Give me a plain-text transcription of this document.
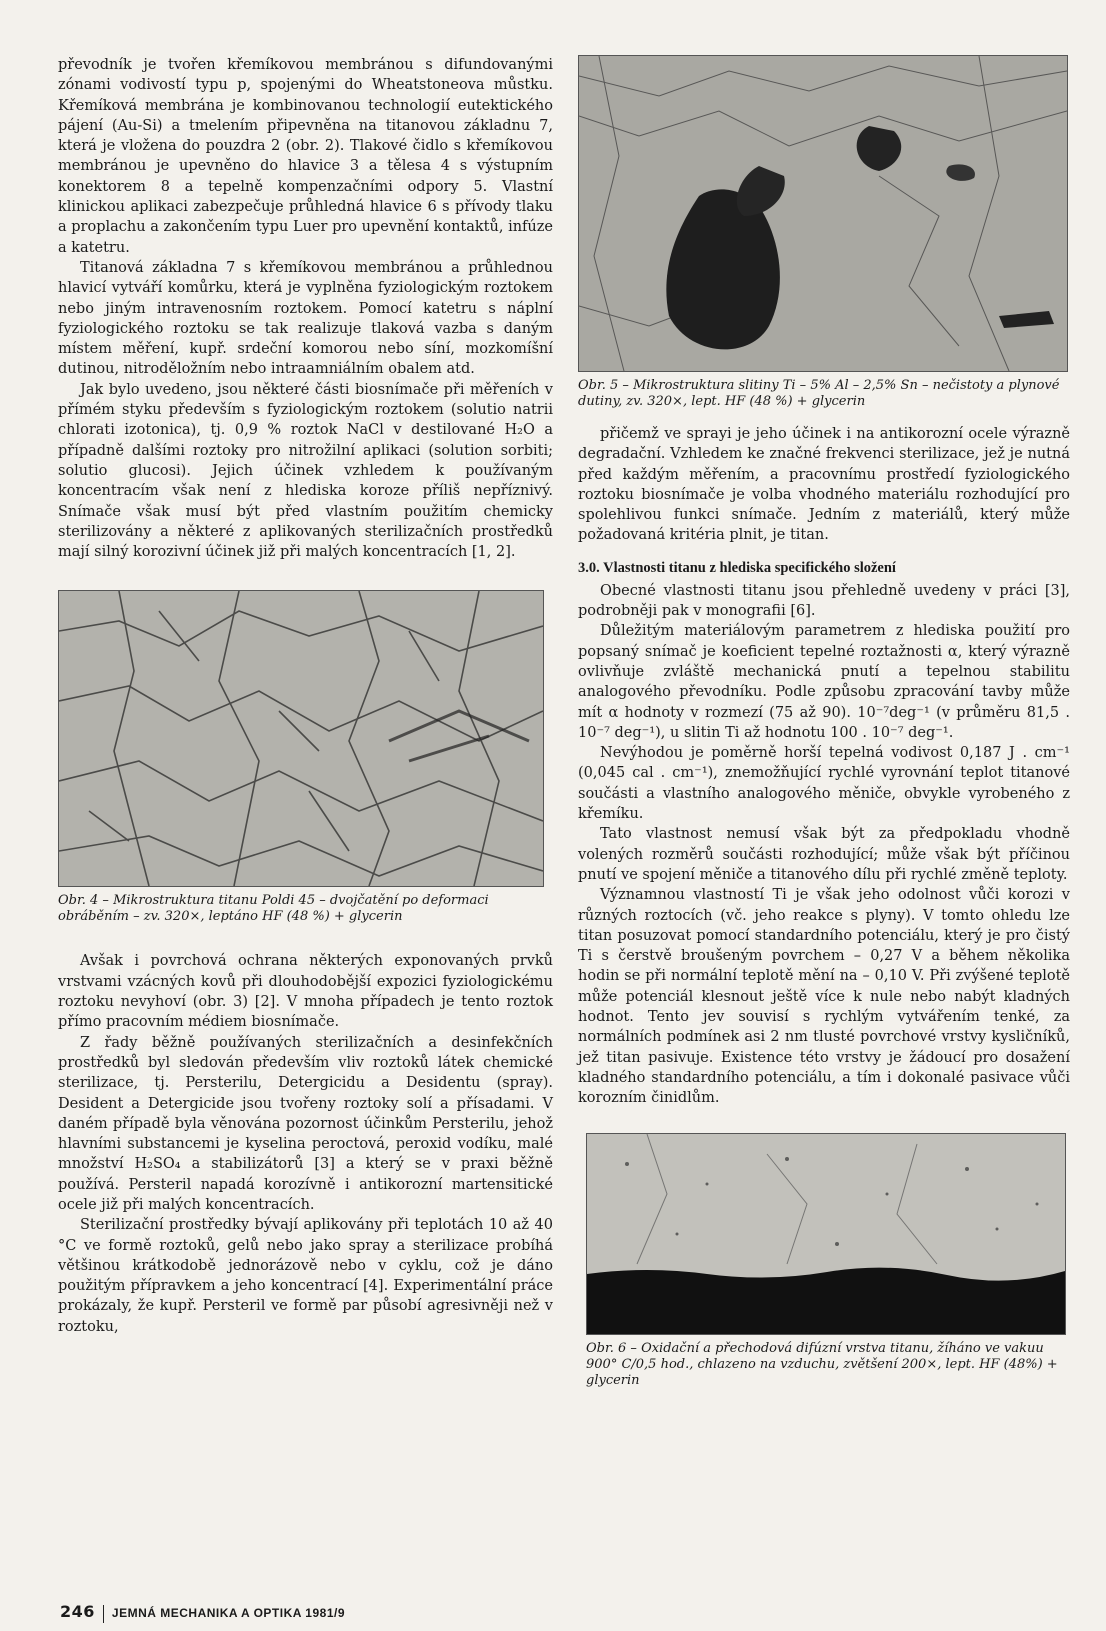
převodník je tvořen křemíkovou membránou s difundovanými zónami vodivostí typu p, spojenými do Wheatstoneova můstku. Křemíková membrána je kombinovanou technologií eutektického pájení (Au-Si) a tmelením připevněna na titanovou základnu 7, která je vložena do pouzdra 2 (obr. 2). Tlakové čidlo s křemíkovou membránou je upevněno do hlavice 3 a tělesa 4 s výstupním konektorem 8 a tepelně kompenzačními odpory 5. Vlastní klinickou aplikaci zabezpečuje průhledná hlavice 6 s přívody tlaku a proplachu a zakončením typu Luer pro upevnění kontaktů, infúze a katetru.

Titanová základna 7 s křemíkovou membránou a průhlednou hlavicí vytváří komůrku, která je vyplněna fyziologickým roztokem nebo jiným intravenosním roztokem. Pomocí katetru s náplní fyziologického roztoku se tak realizuje tlaková vazba s daným místem měření, kupř. srdeční komorou nebo síní, mozkomíšní dutinou, nitroděložním nebo intraamniálním obalem atd.

Jak bylo uvedeno, jsou některé části biosnímače při měřeních v přímém styku především s fyziologickým roztokem (solutio natrii chlorati izotonica), tj. 0,9 % roztok NaCl v destilované H₂O a případně dalšími roztoky pro nitrožilní aplikaci (solution sorbiti; solutio glucosi). Jejich účinek vzhledem k používaným koncentracím však není z hlediska koroze příliš nepříznivý. Snímače však musí být před vlastním použitím chemicky sterilizovány a některé z aplikovaných sterilizačních prostředků mají silný korozivní účinek již při malých koncentracích [1, 2].

Obr. 4 – Mikrostruktura titanu Poldi 45 – dvojčatění po deformaci obráběním – zv. 320×, leptáno HF (48 %) + glycerin

Avšak i povrchová ochrana některých exponovaných prvků vrstvami vzácných kovů při dlouhodobější expozici fyziologickému roztoku nevyhoví (obr. 3) [2]. V mnoha případech je tento roztok přímo pracovním médiem biosnímače.

Z řady běžně používaných sterilizačních a desinfekčních prostředků byl sledován především vliv roztoků látek chemické sterilizace, tj. Persterilu, Detergicidu a Desidentu (spray). Desident a Detergicide jsou tvořeny roztoky solí a přísadami. V daném případě byla věnována pozornost účinkům Persterilu, jehož hlavními substancemi je kyselina peroctová, peroxid vodíku, malé množství H₂SO₄ a stabilizátorů [3] a který se v praxi běžně používá. Persteril napadá korozívně i antikorozní martensitické ocele již při malých koncentracích.

Sterilizační prostředky bývají aplikovány při teplotách 10 až 40 °C ve formě roztoků, gelů nebo jako spray a sterilizace probíhá většinou krátkodobě jednorázově nebo v cyklu, což je dáno použitým přípravkem a jeho koncentrací [4]. Experimentální práce prokázaly, že kupř. Persteril ve formě par působí agresivněji než v roztoku,

Obr. 5 – Mikrostruktura slitiny Ti – 5% Al – 2,5% Sn – nečistoty a plynové dutiny, zv. 320×, lept. HF (48 %) + glycerin

přičemž ve sprayi je jeho účinek i na antikorozní ocele výrazně degradační. Vzhledem ke značné frekvenci sterilizace, jež je nutná před každým měřením, a pracovnímu prostředí fyziologického roztoku biosnímače je volba vhodného materiálu rozhodující pro spolehlivou funkci snímače. Jedním z materiálů, který může požadovaná kritéria plnit, je titan.

3.0. Vlastnosti titanu z hlediska specifického složení

Obecné vlastnosti titanu jsou přehledně uvedeny v práci [3], podrobněji pak v monografii [6].

Důležitým materiálovým parametrem z hlediska použití pro popsaný snímač je koeficient tepelné roztažnosti α, který výrazně ovlivňuje zvláště mechanická pnutí a tepelnou stabilitu analogového převodníku. Podle způsobu zpracování tavby může mít α hodnoty v rozmezí (75 až 90). 10⁻⁷deg⁻¹ (v průměru 81,5 . 10⁻⁷ deg⁻¹), u slitin Ti až hodnotu 100 . 10⁻⁷ deg⁻¹.

Nevýhodou je poměrně horší tepelná vodivost 0,187 J . cm⁻¹ (0,045 cal . cm⁻¹), znemožňující rychlé vyrovnání teplot titanové součásti a vlastního analogového měniče, obvykle vyrobeného z křemíku.

Tato vlastnost nemusí však být za předpokladu vhodně volených rozměrů součásti rozhodující; může však být příčinou pnutí ve spojení měniče a titanového dílu při rychlé změně teploty.

Významnou vlastností Ti je však jeho odolnost vůči korozi v různých roztocích (vč. jeho reakce s plyny). V tomto ohledu lze titan posuzovat pomocí standardního potenciálu, který je pro čistý Ti s čerstvě broušeným povrchem – 0,27 V a během několika hodin se při normální teplotě mění na – 0,10 V. Při zvýšené teplotě může potenciál klesnout ještě více k nule nebo nabýt kladných hodnot. Tento jev souvisí s rychlým vytvářením tenké, za normálních podmínek asi 2 nm tlusté povrchové vrstvy kysličníků, jež titan pasivuje. Existence této vrstvy je žádoucí pro dosažení kladného standardního potenciálu, a tím i dokonalé pasivace vůči korozním činidlům.

Obr. 6 – Oxidační a přechodová difúzní vrstva titanu, žíháno ve vakuu 900° C/0,5 hod., chlazeno na vzduchu, zvětšení 200×, lept. HF (48%) + glycerin
246 JEMNÁ MECHANIKA A OPTIKA 1981/9
